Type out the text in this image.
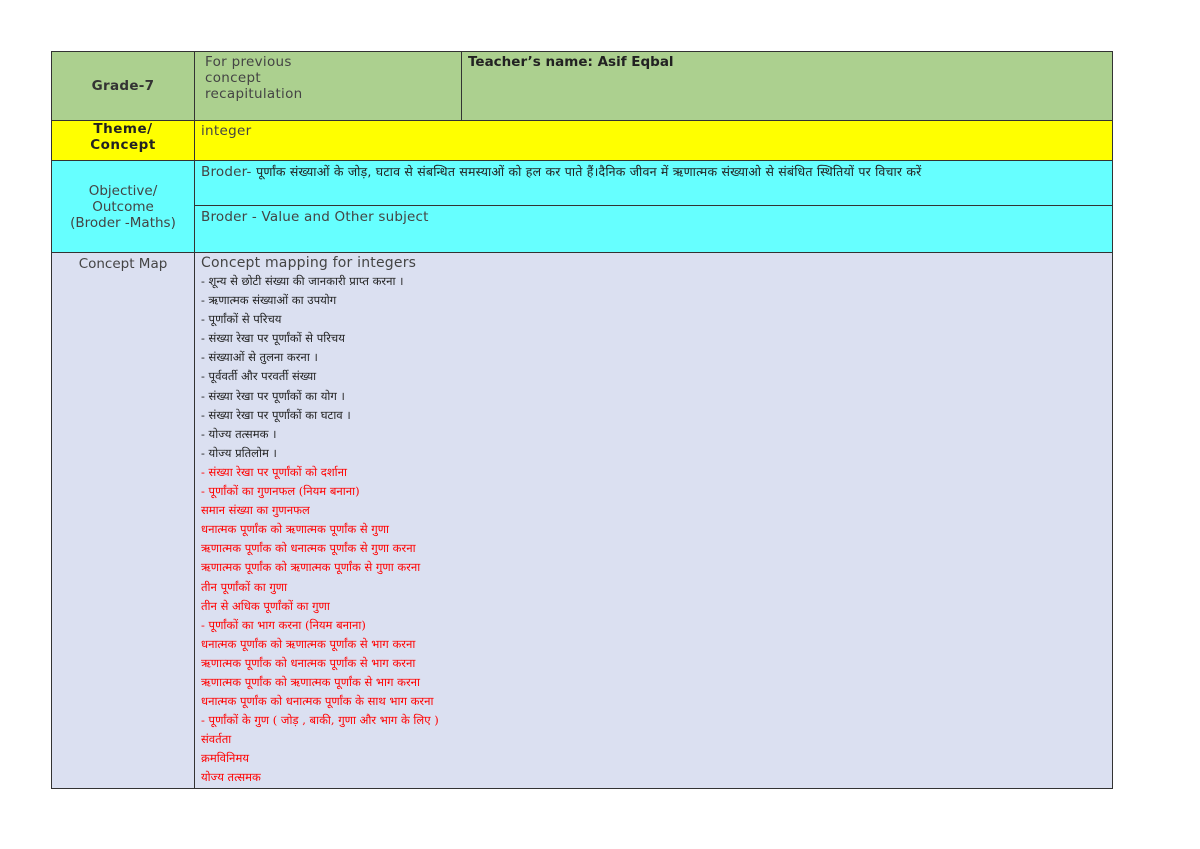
Grade-7	For previous
concept
recapitulation	Teacher’s name: Asif Eqbal

Theme/
Concept	integer	

Objective/
Outcome
(Broder -Maths)	Broder- पूर्णांक संख्याओं के जोड़, घटाव से संबन्धित समस्याओं को हल कर पाते हैं।दैनिक जीवन में ऋणात्मक संख्याओ से संबंधित स्थितियों पर विचार करें	
	Broder - Value and Other subject	
Concept Map	Concept mapping for integers
- शून्य से छोटी संख्या की जानकारी प्राप्त करना ।
- ऋणात्मक संख्याओं का उपयोग
- पूर्णांकों से परिचय
- संख्या रेखा पर पूर्णांकों से परिचय
- संख्याओं से तुलना करना ।
- पूर्ववर्ती और परवर्ती संख्या
- संख्या रेखा पर पूर्णांकों का योग ।
- संख्या रेखा पर पूर्णांकों का घटाव ।
- योज्य तत्समक ।
- योज्य प्रतिलोम ।
- संख्या रेखा पर पूर्णांकों को दर्शाना
- पूर्णांकों का गुणनफल (नियम बनाना)
समान संख्या का गुणनफल
धनात्मक पूर्णांक को ऋणात्मक पूर्णांक से गुणा
ऋणात्मक पूर्णांक को धनात्मक पूर्णांक से गुणा करना
ऋणात्मक पूर्णांक को ऋणात्मक पूर्णांक से गुणा करना
तीन पूर्णांकों का गुणा
तीन से अधिक पूर्णांकों का गुणा
- पूर्णांकों का भाग करना (नियम बनाना)
धनात्मक पूर्णांक को ऋणात्मक पूर्णांक से भाग करना
ऋणात्मक पूर्णांक को धनात्मक पूर्णांक से भाग करना
ऋणात्मक पूर्णांक को ऋणात्मक पूर्णांक से भाग करना
धनात्मक पूर्णांक को धनात्मक पूर्णांक के साथ भाग करना
- पूर्णांकों के गुण ( जोड़ , बाकी, गुणा और भाग के लिए )
संवर्तता
क्रमविनिमय
योज्य तत्समक
